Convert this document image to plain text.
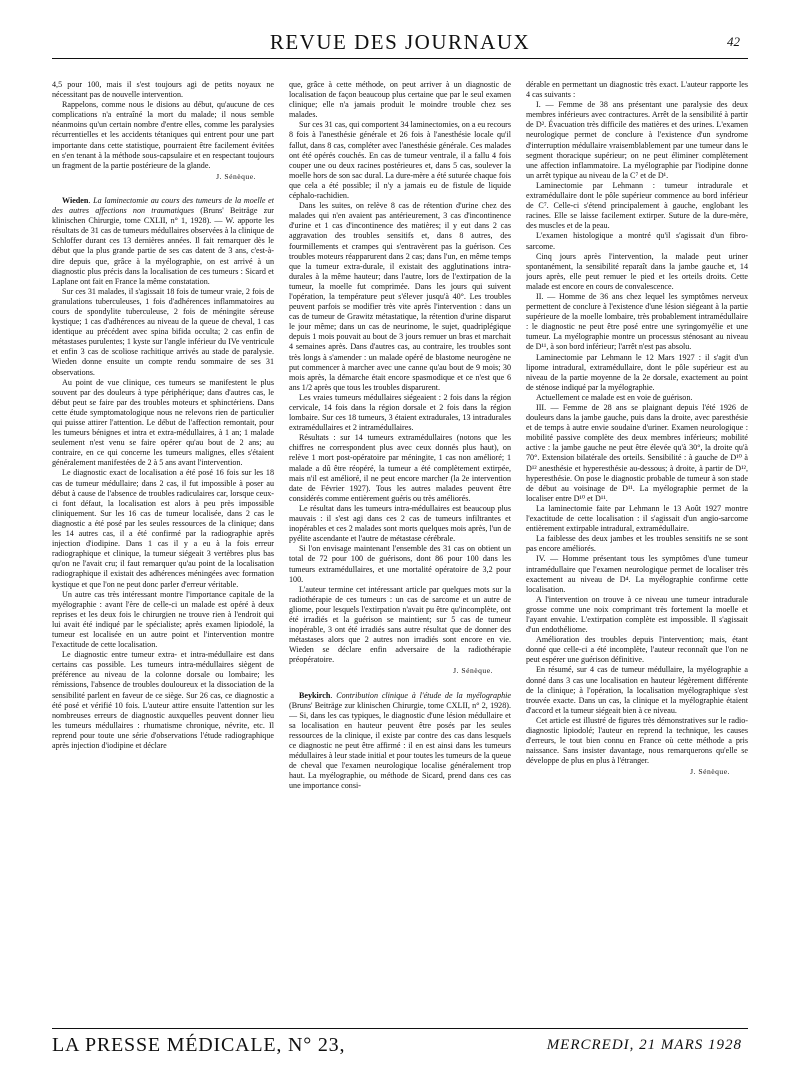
REVUE DES JOURNAUX	42

4,5 pour 100, mais il s'est toujours agi de petits noyaux ne nécessitant pas de nouvelle intervention.

Rappelons, comme nous le disions au début, qu'aucune de ces complications n'a entraîné la mort du malade; il nous semble néanmoins qu'un certain nombre d'entre elles, comme les paralysies récurrentielles et les accidents tétaniques qui entrent pour une part importante dans cette statistique, pourraient être facilement évitées en s'en tenant à la méthode sous-capsulaire et en respectant toujours un fragment de la partie postérieure de la glande.

J. Sénèque.

Wieden. La laminectomie au cours des tumeurs de la moelle et des autres affections non traumatiques (Bruns' Beiträge zur klinischen Chirurgie, tome CXLII, n° 1, 1928). — W. apporte les résultats de 31 cas de tumeurs médullaires observées à la clinique de Schloffer durant ces 13 dernières années. Il fait remarquer dès le début que la plus grande partie de ses cas datent de 3 ans, c'est-à-dire depuis que, grâce à la myélographie, on est arrivé à un diagnostic plus précis dans la localisation de ces tumeurs : Sicard et Laplane ont fait en France la même constatation.

Sur ces 31 malades, il s'agissait 18 fois de tumeur vraie, 2 fois de granulations tuberculeuses, 1 fois d'adhérences inflammatoires au cours de spondylite tuberculeuse, 2 fois de méningite séreuse kystique; 1 cas d'adhérences au niveau de la queue de cheval, 1 cas identique au précédent avec spina bifida occulta; 2 cas enfin de métastases purulentes; 1 kyste sur l'angle inférieur du IVe ventricule et enfin 3 cas de scoliose rachitique arrivés au stade de paralysie. Wieden donne ensuite un compte rendu sommaire de ses 31 observations.

Au point de vue clinique, ces tumeurs se manifestent le plus souvent par des douleurs à type périphérique; dans d'autres cas, le début peut se faire par des troubles moteurs et sphinctériens. Dans cette étude symptomatologique nous ne relevons rien de particulier qui puisse attirer l'attention. Le début de l'affection remontait, pour les tumeurs bénignes et intra et extra-médullaires, à 1 an; 1 malade seulement n'est venu se faire opérer qu'au bout de 2 ans; au contraire, en ce qui concerne les tumeurs malignes, elles s'étaient généralement manifestées de 2 à 5 ans avant l'intervention.

Le diagnostic exact de localisation a été posé 16 fois sur les 18 cas de tumeur médullaire; dans 2 cas, il fut impossible à poser au début à cause de l'absence de troubles radiculaires car, lorsque ceux-ci font défaut, la localisation est alors à peu près impossible cliniquement. Sur les 16 cas de tumeur localisée, dans 2 cas le diagnostic a été posé par les seules ressources de la clinique; dans les 14 autres cas, il a été confirmé par la radiographie après injection d'iodipine. Dans 1 cas il y a eu à la fois erreur radiographique et clinique, la tumeur siégeait 3 vertèbres plus bas qu'on ne l'avait cru; il faut remarquer qu'au point de la localisation radiographique il existait des adhérences méningées avec formation kystique et que l'on ne peut donc parler d'erreur véritable.

Un autre cas très intéressant montre l'importance capitale de la myélographie : avant l'ère de celle-ci un malade est opéré à deux reprises et les deux fois le chirurgien ne trouve rien à l'endroit qui lui avait été indiqué par le spécialiste; après examen lipiodolé, la tumeur est localisée en un autre point et l'intervention montre l'exactitude de cette localisation.

Le diagnostic entre tumeur extra- et intra-médullaire est dans certains cas possible. Les tumeurs intra-médullaires siègent de préférence au niveau de la colonne dorsale ou lombaire; les rémissions, l'absence de troubles douloureux et la dissociation de la sensibilité parlent en faveur de ce siège. Sur 26 cas, ce diagnostic a été posé et vérifié 10 fois. L'auteur attire ensuite l'attention sur les nombreuses erreurs de diagnostic auxquelles peuvent donner lieu les tumeurs médullaires : rhumatisme chronique, névrite, etc. Il reprend pour toute une série d'observations l'étude radiographique après injection d'iodipine et déclare

que, grâce à cette méthode, on peut arriver à un diagnostic de localisation de façon beaucoup plus certaine que par le seul examen clinique; elle n'a jamais produit le moindre trouble chez ses malades.

Sur ces 31 cas, qui comportent 34 laminectomies, on a eu recours 8 fois à l'anesthésie générale et 26 fois à l'anesthésie locale qu'il fallut, dans 8 cas, compléter avec l'anesthésie générale. Ces malades ont été opérés couchés. En cas de tumeur ventrale, il a fallu 4 fois couper une ou deux racines postérieures et, dans 5 cas, soulever la moelle hors de son sac dural. La dure-mère a été suturée chaque fois que cela a été possible; il n'y a jamais eu de fistule de liquide céphalo-rachidien.

Dans les suites, on relève 8 cas de rétention d'urine chez des malades qui n'en avaient pas antérieurement, 3 cas d'incontinence d'urine et 1 cas d'incontinence des matières; il y eut dans 2 cas aggravation des troubles sensitifs et, dans 8 autres, des fourmillements et crampes qui s'entravèrent pas la guérison. Ces troubles moteurs réapparurent dans 2 cas; dans l'un, en même temps que la tumeur extra-durale, il existait des agglutinations intra-durales à la même hauteur; dans l'autre, lors de l'extirpation de la tumeur, la moelle fut comprimée. Dans les jours qui suivent l'opération, la température peut s'élever jusqu'à 40°. Les troubles peuvent parfois se modifier très vite après l'intervention : dans un cas de tumeur de Grawitz métastatique, la rétention d'urine disparut le jour même; dans un cas de neurinome, le sujet, quadriplégique depuis 1 mois pouvait au bout de 3 jours remuer un bras et marchait 4 semaines après. Dans d'autres cas, au contraire, les troubles sont très longs à s'amender : un malade opéré de blastome neurogène ne put commencer à marcher avec une canne qu'au bout de 9 mois; 30 mois après, la démarche était encore spasmodique et ce n'est que 6 ans 1/2 après que tous les troubles disparurent.

Les vraies tumeurs médullaires siégeaient : 2 fois dans la région cervicale, 14 fois dans la région dorsale et 2 fois dans la région lombaire. Sur ces 18 tumeurs, 3 étaient extradurales, 13 intradurales extramédullaires et 2 intramédullaires.

Résultats : sur 14 tumeurs extramédullaires (notons que les chiffres ne correspondent plus avec ceux donnés plus haut), on relève 1 mort post-opératoire par méningite, 1 cas non amélioré; 1 malade a dû être réopéré, la tumeur a été complètement extirpée, mais n'il est amélioré, il ne peut encore marcher (la 2e intervention date de Février 1927). Tous les autres malades peuvent être considérés comme entièrement guéris ou très améliorés.

Le résultat dans les tumeurs intra-médullaires est beaucoup plus mauvais : il s'est agi dans ces 2 cas de tumeurs infiltrantes et inopérables et ces 2 malades sont morts quelques mois après, l'un de pyélite ascendante et l'autre de métastase cérébrale.

Si l'on envisage maintenant l'ensemble des 31 cas on obtient un total de 72 pour 100 de guérisons, dont 86 pour 100 dans les tumeurs extramédullaires, et une mortalité opératoire de 3,2 pour 100.

L'auteur termine cet intéressant article par quelques mots sur la radiothérapie de ces tumeurs : un cas de sarcome et un autre de gliome, pour lesquels l'extirpation n'avait pu être qu'incomplète, ont été irradiés et la guérison se maintient; sur 5 cas de tumeur inopérable, 3 ont été irradiés sans autre résultat que de donner des métastases alors que 2 autres non irradiés sont encore en vie. Wieden se déclare enfin adversaire de la radiothérapie préopératoire.

J. Sénèque.

Beykirch. Contribution clinique à l'étude de la myélographie (Bruns' Beiträge zur klinischen Chirurgie, tome CXLII, n° 2, 1928). — Si, dans les cas typiques, le diagnostic d'une lésion médullaire et sa localisation en hauteur peuvent être posés par les seules ressources de la clinique, il existe par contre des cas dans lesquels ce diagnostic ne peut être affirmé : il en est ainsi dans les tumeurs médullaires à leur stade initial et pour toutes les tumeurs de la queue de cheval que l'examen neurologique localise généralement trop haut. La myélographie, ou méthode de Sicard, prend dans ces cas une importance consi-

dérable en permettant un diagnostic très exact. L'auteur rapporte les 4 cas suivants :

I. — Femme de 38 ans présentant une paralysie des deux membres inférieurs avec contractures. Arrêt de la sensibilité à partir de D². Évacuation très difficile des matières et des urines. L'examen neurologique permet de conclure à l'existence d'un syndrome d'interruption médullaire vraisemblablement par une tumeur dans le segment thoracique supérieur; on ne peut éliminer complètement une affection inflammatoire. La myélographie par l'iodipine donne un arrêt typique au niveau de la C⁷ et de D¹.

Laminectomie par Lehmann : tumeur intradurale et extramédullaire dont le pôle supérieur commence au bord inférieur de C⁷. Celle-ci s'étend principalement à gauche, englobant les racines. Elle se laisse facilement extirper. Suture de la dure-mère, des muscles et de la peau.

L'examen histologique a montré qu'il s'agissait d'un fibro-sarcome.

Cinq jours après l'intervention, la malade peut uriner spontanément, la sensibilité reparaît dans la jambe gauche et, 14 jours après, elle peut remuer le pied et les orteils droits. Cette malade est encore en cours de convalescence.

II. — Homme de 36 ans chez lequel les symptômes nerveux permettent de conclure à l'existence d'une lésion siégeant à la partie supérieure de la moelle lombaire, très probablement intramédullaire : le diagnostic ne peut être posé entre une syringomyélie et une tumeur. La myélographie montre un processus sténosant au niveau de D¹¹, à son bord inférieur; l'arrêt n'est pas absolu.

Laminectomie par Lehmann le 12 Mars 1927 : il s'agit d'un lipome intradural, extramédullaire, dont le pôle supérieur est au niveau de la partie moyenne de la 2e dorsale, exactement au point de sténose indiqué par la myélographie.

Actuellement ce malade est en voie de guérison.

III. — Femme de 28 ans se plaignant depuis l'été 1926 de douleurs dans la jambe gauche, puis dans la droite, avec paresthésie et de temps à autre envie soudaine d'uriner. Examen neurologique : mobilité passive complète des deux membres inférieurs; mobilité active : la jambe gauche ne peut être élevée qu'à 30°, la droite qu'à 70°. Extension bilatérale des orteils. Sensibilité : à gauche de D¹⁰ à D¹² anesthésie et hyperesthésie au-dessous; à droite, à partir de D¹², hyperesthésie. On pose le diagnostic probable de tumeur à son stade de début au voisinage de D¹¹. La myélographie permet de la localiser entre D¹⁰ et D¹¹.

La laminectomie faite par Lehmann le 13 Août 1927 montre l'exactitude de cette localisation : il s'agissait d'un angio-sarcome entièrement extirpable intradural, extramédullaire.

La faiblesse des deux jambes et les troubles sensitifs ne se sont pas encore améliorés.

IV. — Homme présentant tous les symptômes d'une tumeur intramédullaire que l'examen neurologique permet de localiser très exactement au niveau de D⁴. La myélographie confirme cette localisation.

A l'intervention on trouve à ce niveau une tumeur intradurale grosse comme une noix comprimant très fortement la moelle et l'ayant envahie. L'extirpation complète est impossible. Il s'agissait d'un endothéliome.

Amélioration des troubles depuis l'intervention; mais, étant donné que celle-ci a été incomplète, l'auteur reconnaît que l'on ne peut espérer une guérison définitive.

En résumé, sur 4 cas de tumeur médullaire, la myélographie a donné dans 3 cas une localisation en hauteur légèrement différente de la clinique; à l'opération, la localisation myélographique s'est trouvée exacte. Dans un cas, la clinique et la myélographie étaient d'accord et la tumeur siégeait bien à ce niveau.

Cet article est illustré de figures très démonstratives sur le radio-diagnostic lipiodolé; l'auteur en reprend la technique, les causes d'erreurs, le tout bien connu en France où cette méthode a pris naissance. Sans insister davantage, nous remarquerons qu'elle se développe de plus en plus à l'étranger.

J. Sénèque.
LA PRESSE MÉDICALE, N° 23,	MERCREDI, 21 MARS 1928
